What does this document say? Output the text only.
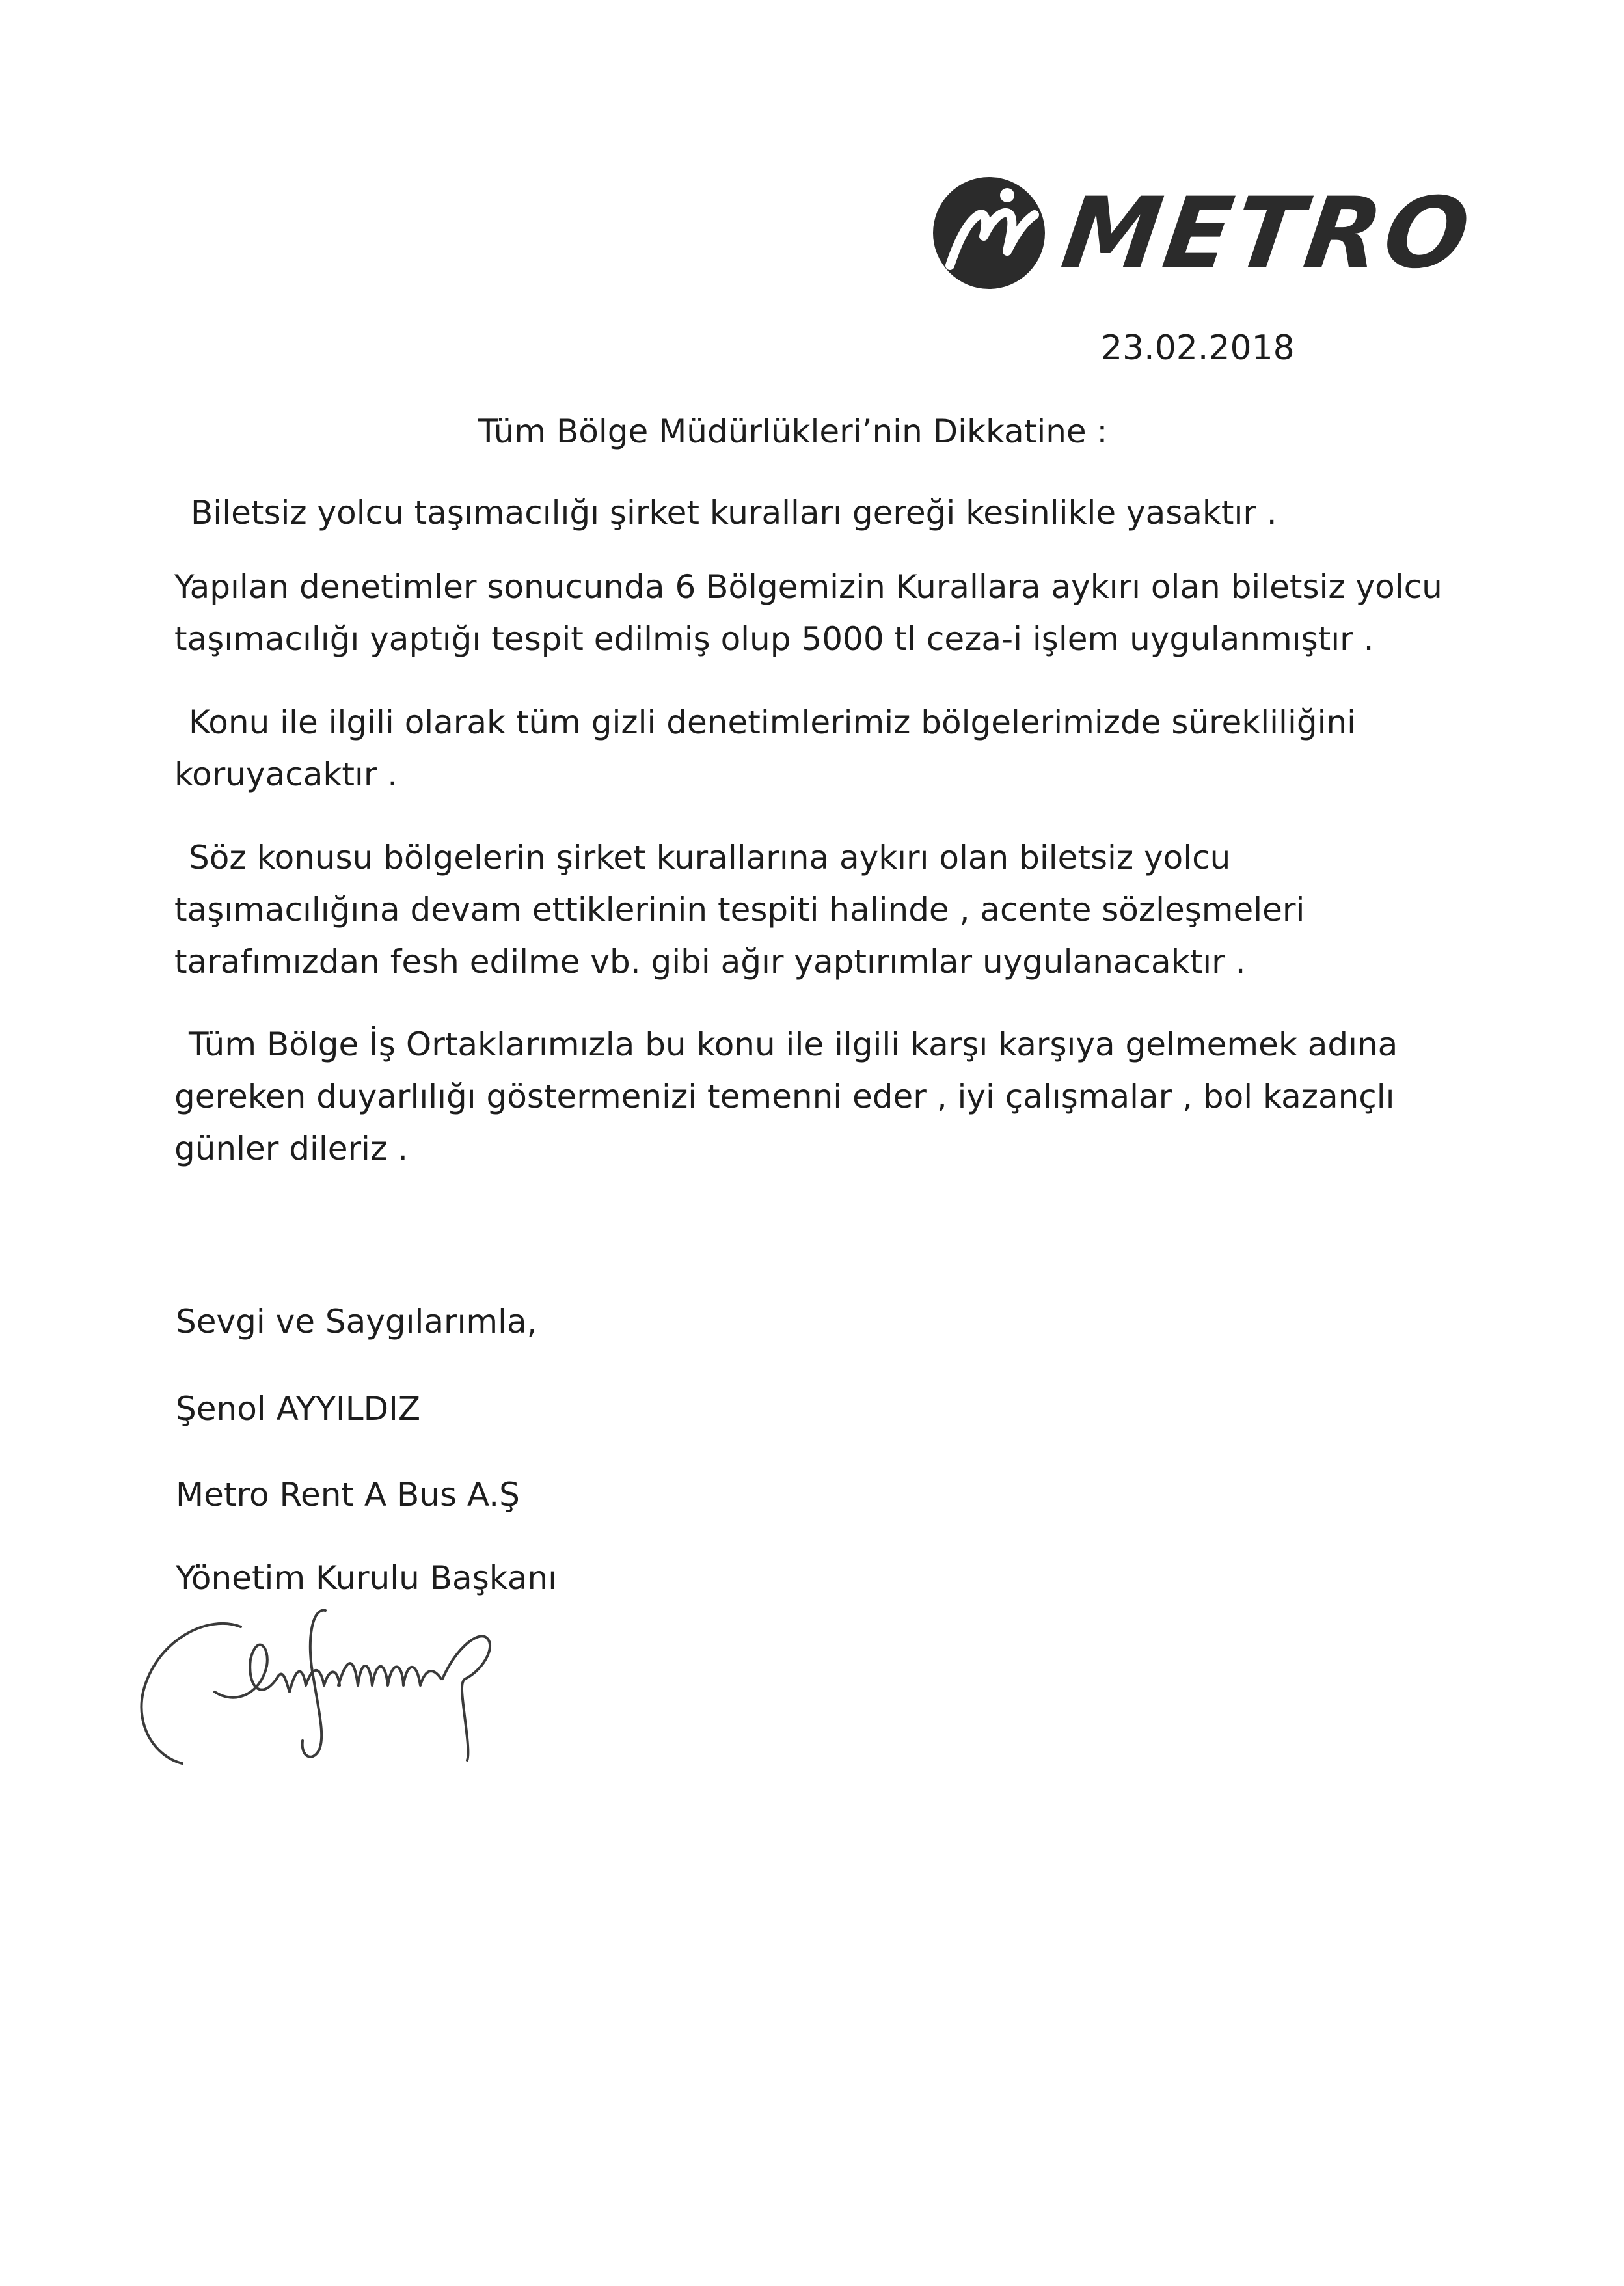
METRO
23.02.2018
Tüm Bölge Müdürlükleri’nin Dikkatine :
Biletsiz yolcu taşımacılığı şirket kuralları gereği kesinlikle yasaktır .
Yapılan denetimler sonucunda 6 Bölgemizin Kurallara aykırı olan biletsiz yolcu
taşımacılığı yaptığı tespit edilmiş olup 5000 tl ceza-i işlem uygulanmıştır .
Konu ile ilgili olarak tüm gizli denetimlerimiz bölgelerimizde sürekliliğini
koruyacaktır .
Söz konusu bölgelerin şirket kurallarına aykırı olan biletsiz yolcu
taşımacılığına devam ettiklerinin tespiti halinde , acente sözleşmeleri
tarafımızdan fesh edilme vb. gibi ağır yaptırımlar uygulanacaktır .
Tüm Bölge İş Ortaklarımızla bu konu ile ilgili karşı karşıya gelmemek adına
gereken duyarlılığı göstermenizi temenni eder , iyi çalışmalar , bol kazançlı
günler dileriz .
Sevgi ve Saygılarımla,
Şenol AYYILDIZ
Metro Rent A Bus A.Ş
Yönetim Kurulu Başkanı
